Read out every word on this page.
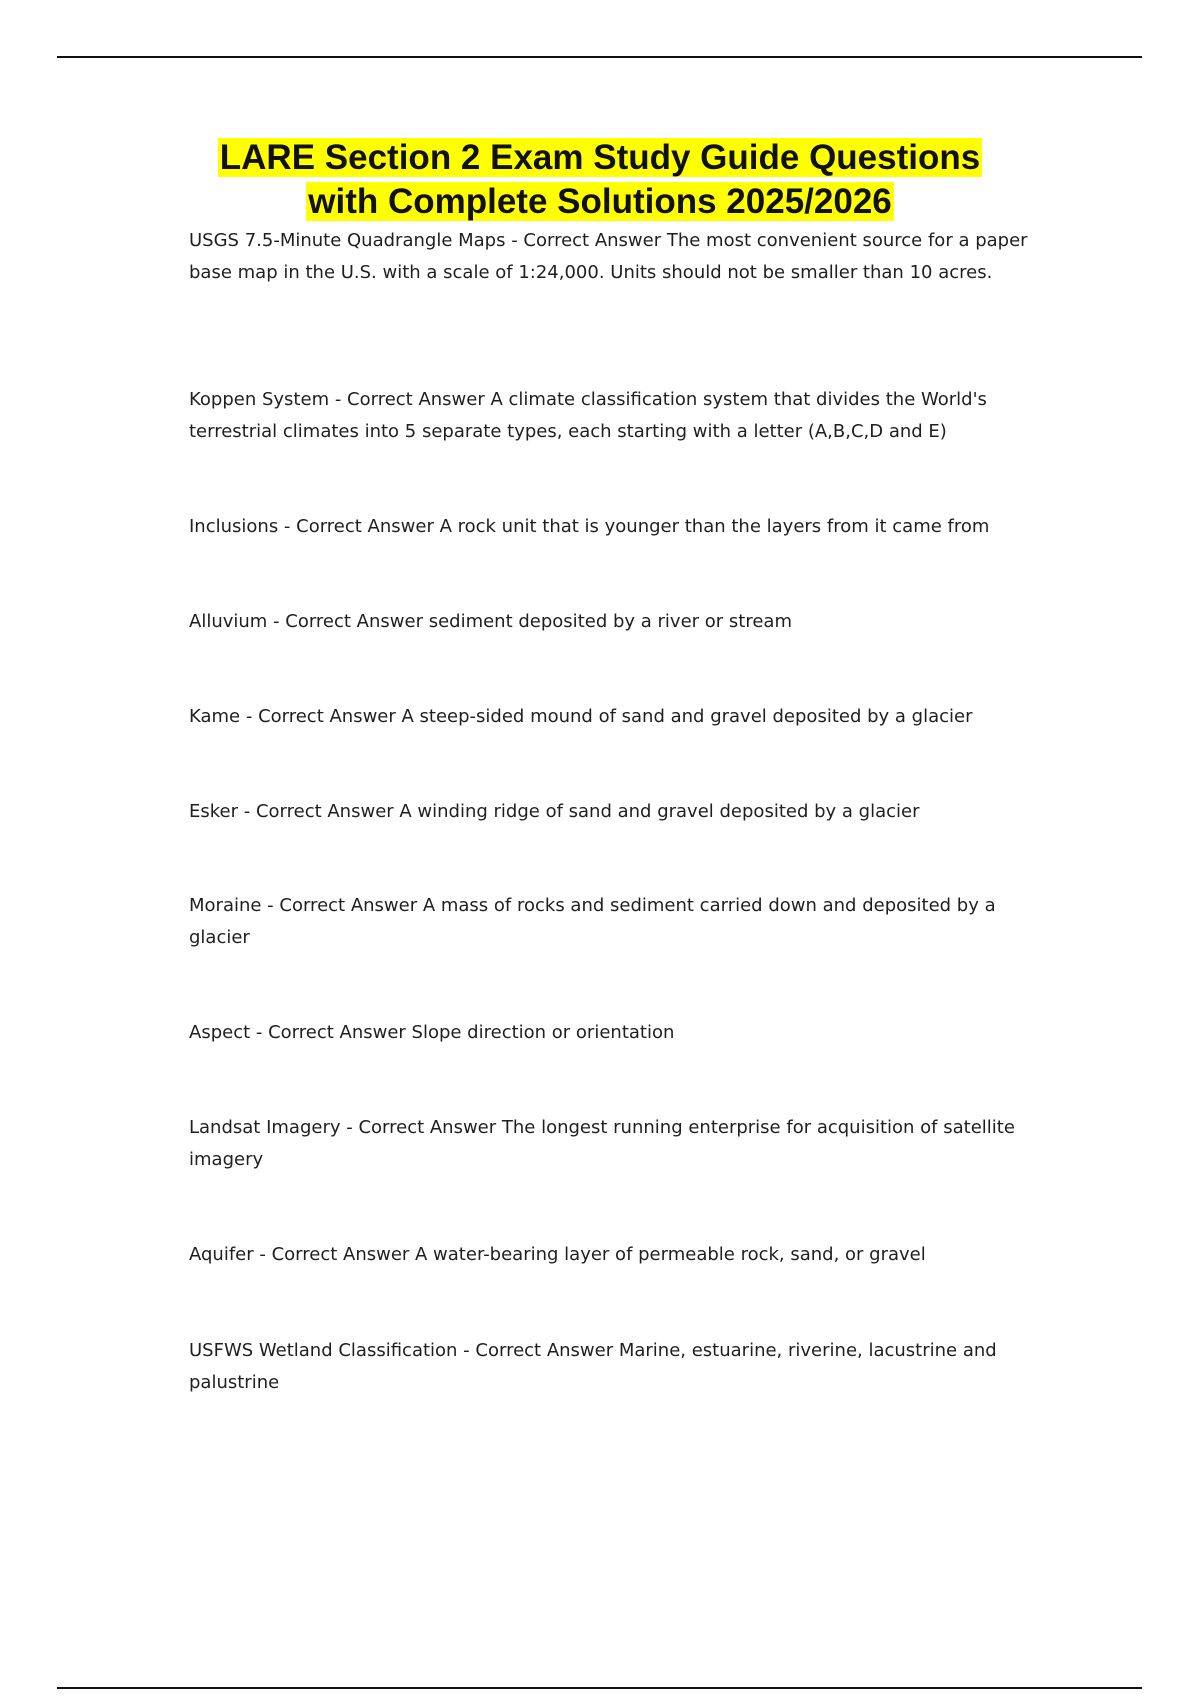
LARE Section 2 Exam Study Guide Questions
with Complete Solutions 2025/2026

USGS 7.5-Minute Quadrangle Maps - Correct Answer The most convenient source for a paper base map in the U.S. with a scale of 1:24,000. Units should not be smaller than 10 acres.

Koppen System - Correct Answer A climate classification system that divides the World's terrestrial climates into 5 separate types, each starting with a letter (A,B,C,D and E)

Inclusions - Correct Answer A rock unit that is younger than the layers from it came from

Alluvium - Correct Answer sediment deposited by a river or stream

Kame - Correct Answer A steep-sided mound of sand and gravel deposited by a glacier

Esker - Correct Answer A winding ridge of sand and gravel deposited by a glacier

Moraine - Correct Answer A mass of rocks and sediment carried down and deposited by a glacier

Aspect - Correct Answer Slope direction or orientation

Landsat Imagery - Correct Answer The longest running enterprise for acquisition of satellite imagery

Aquifer - Correct Answer A water-bearing layer of permeable rock, sand, or gravel

USFWS Wetland Classification - Correct Answer Marine, estuarine, riverine, lacustrine and palustrine
